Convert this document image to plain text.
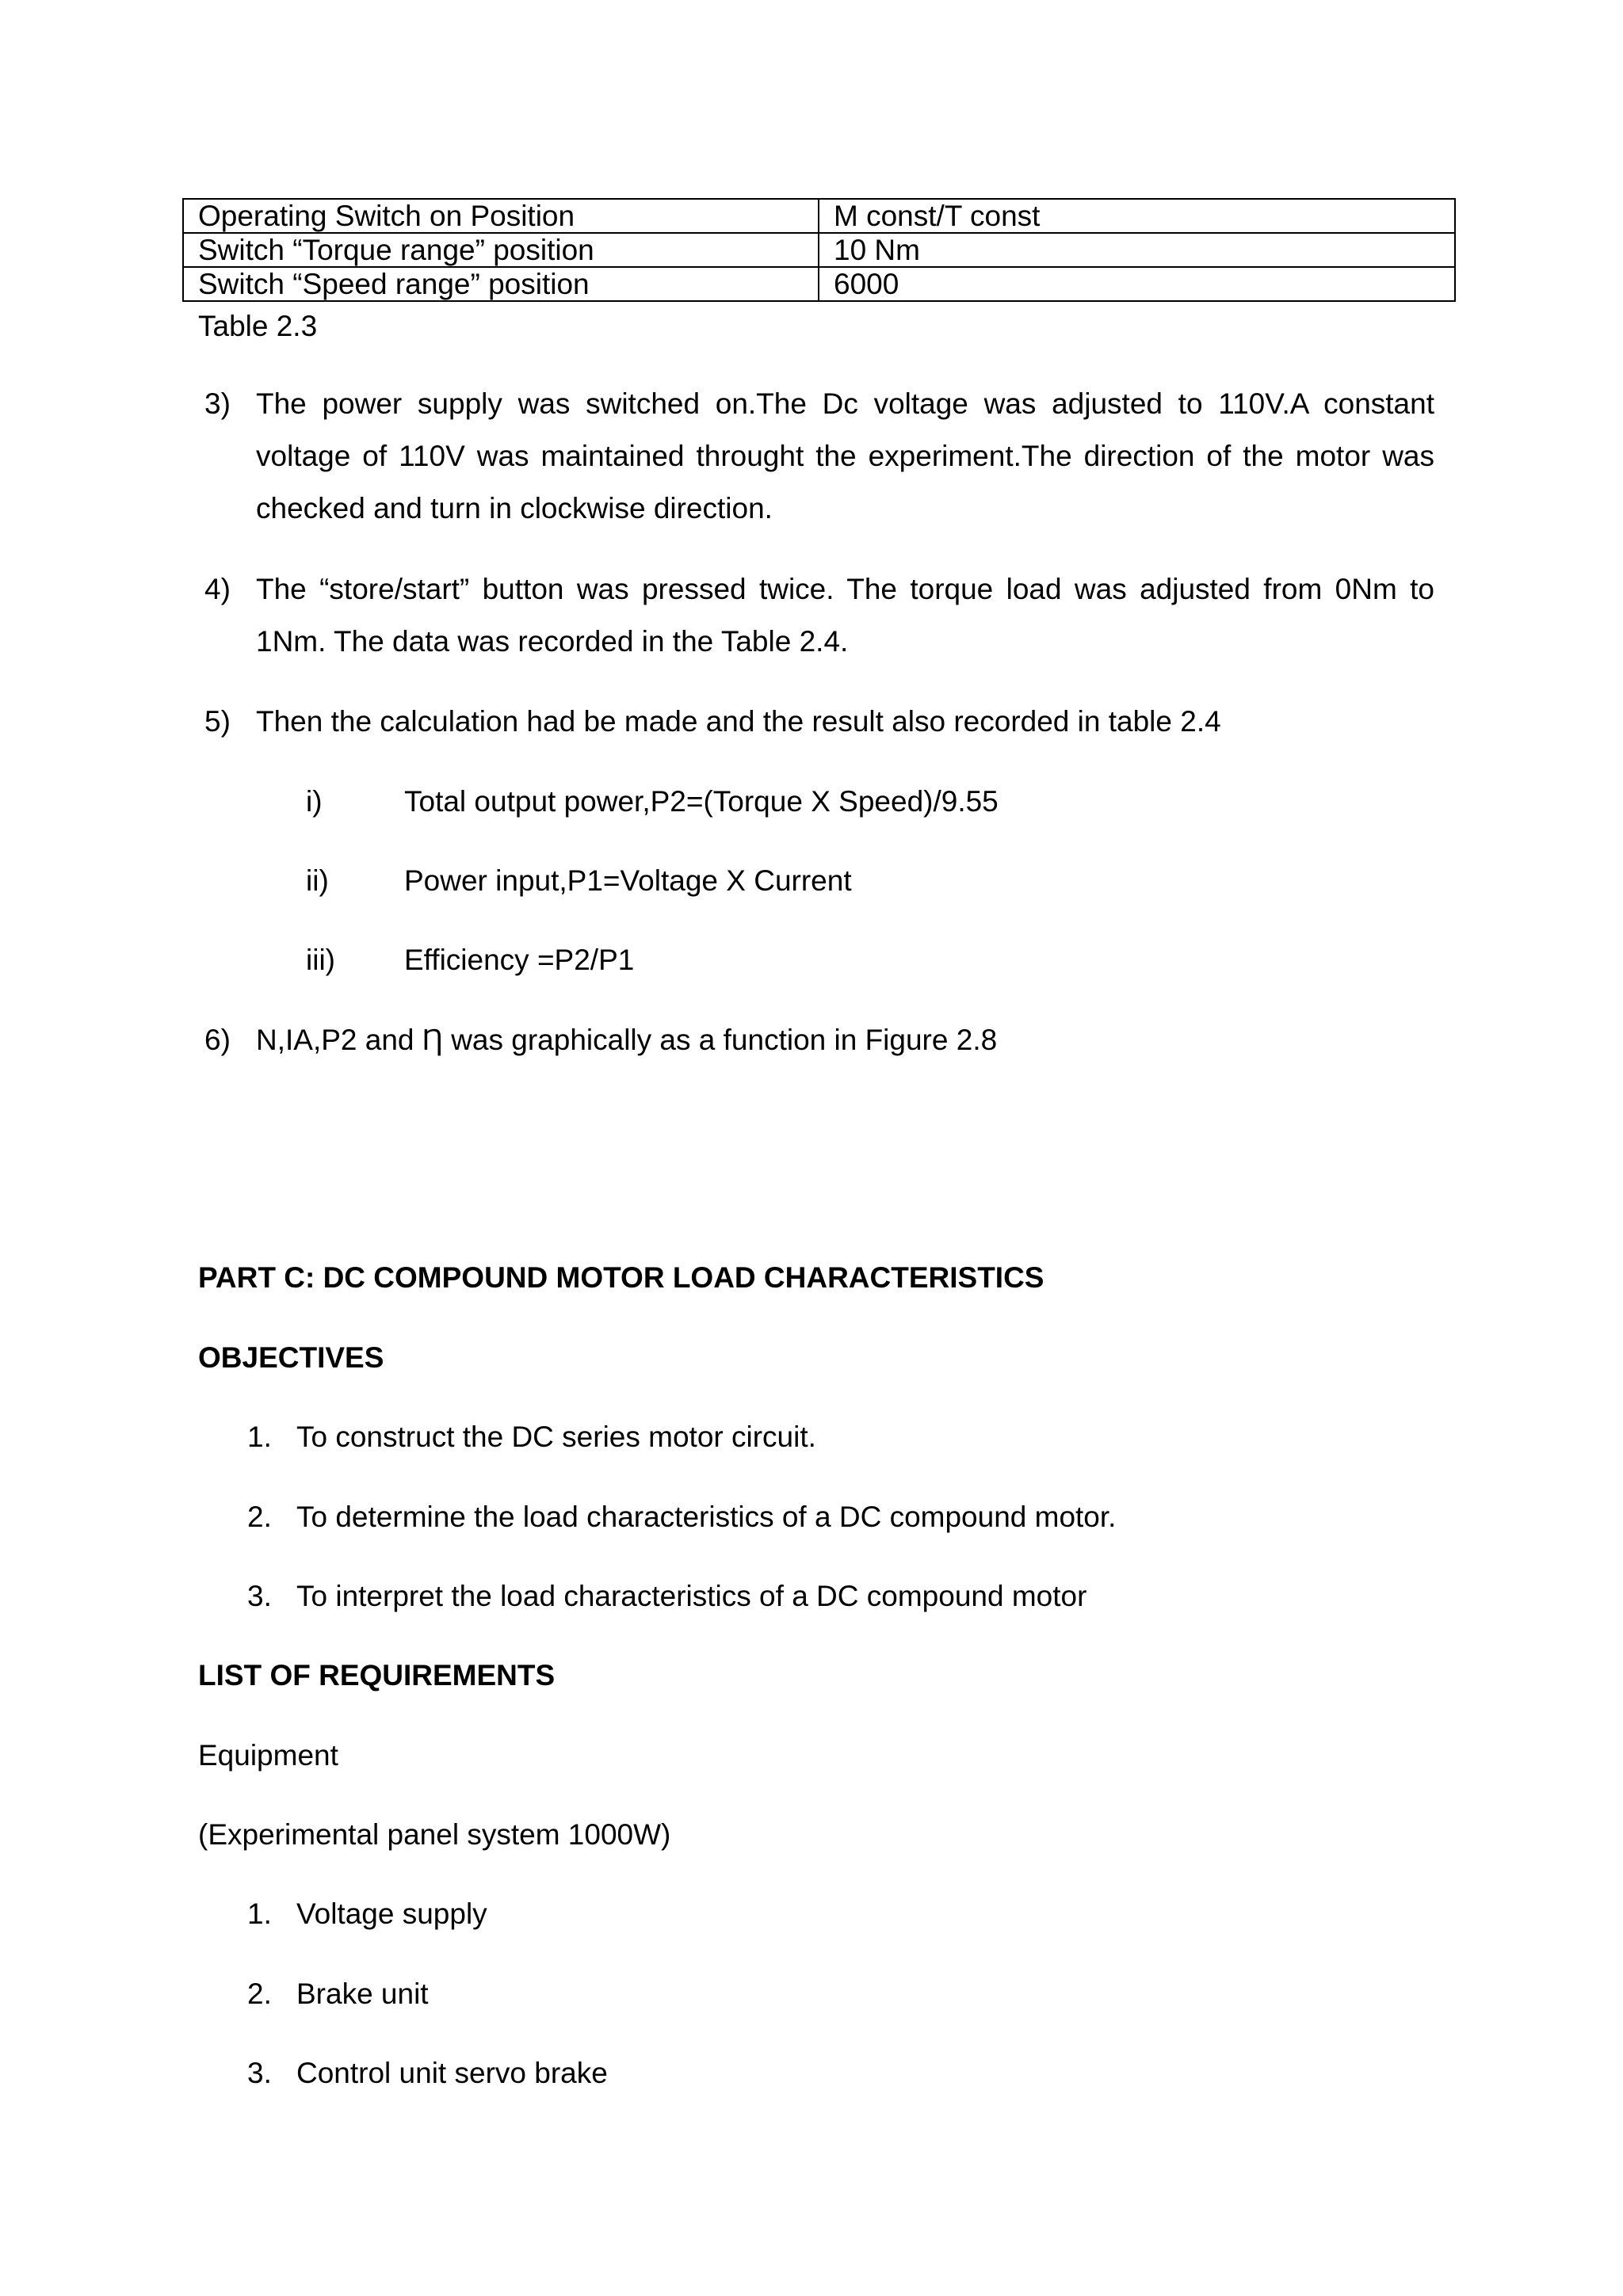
Operating Switch on Position	M const/T const
Switch “Torque range” position	10 Nm
Switch “Speed range” position	6000
Table 2.3
3) The power supply was switched on.The Dc voltage was adjusted to 110V.A constant voltage of 110V was maintained throught the experiment.The direction of the motor was checked and turn in clockwise direction.
4) The “store/start” button was pressed twice. The torque load was adjusted from 0Nm to 1Nm. The data was recorded in the Table 2.4.
5) Then the calculation had be made and the result also recorded in table 2.4
i)	Total output power,P2=(Torque X Speed)/9.55
ii)	Power input,P1=Voltage X Current
iii) Efficiency =P2/P1
6) N,IA,P2 and Ƞ was graphically as a function in Figure 2.8
PART C: DC COMPOUND MOTOR LOAD CHARACTERISTICS
OBJECTIVES
1. To construct the DC series motor circuit.
2. To determine the load characteristics of a DC compound motor.
3. To interpret the load characteristics of a DC compound motor
LIST OF REQUIREMENTS
Equipment
(Experimental panel system 1000W)
1. Voltage supply
2. Brake unit
3. Control unit servo brake
